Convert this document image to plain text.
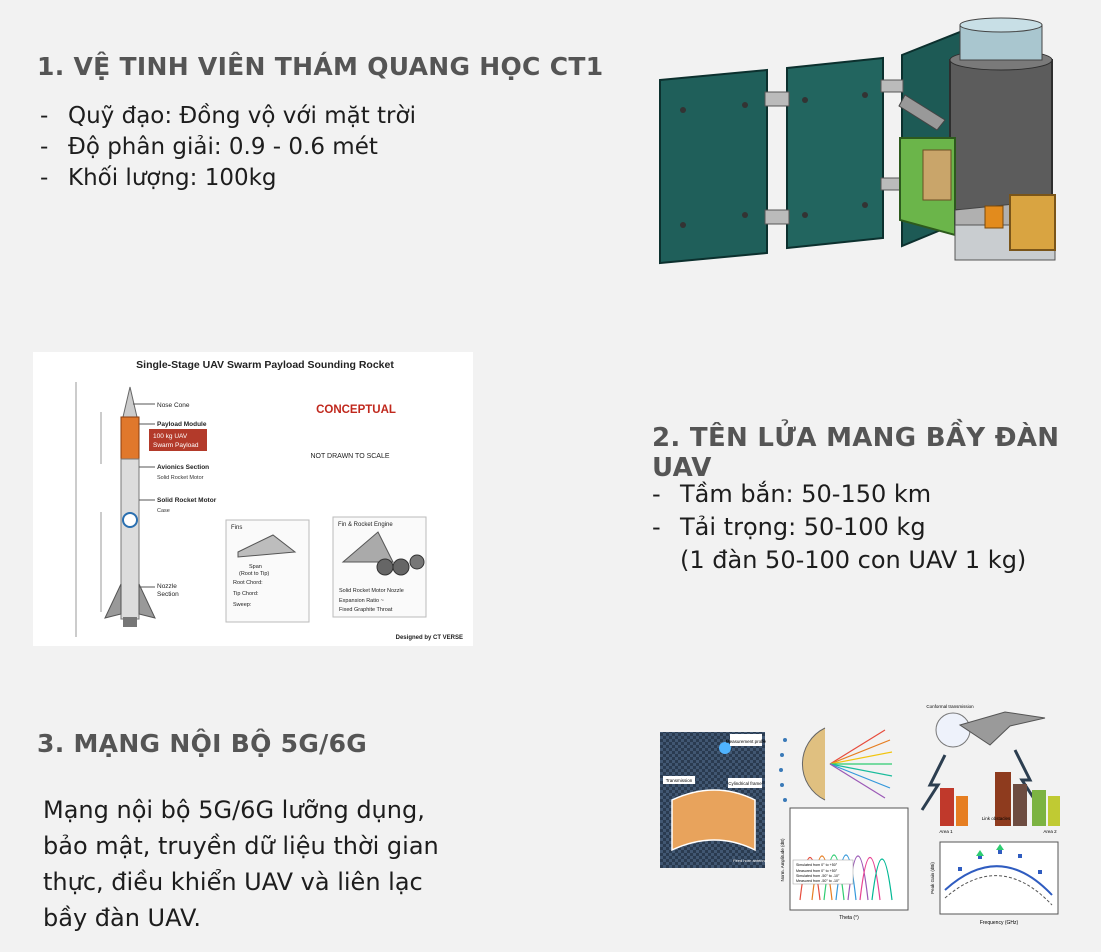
1. VỆ TINH VIÊN THÁM QUANG HỌC CT1
- Quỹ đạo: Đồng vộ với mặt trời
- Độ phân giải: 0.9 - 0.6 mét
- Khối lượng: 100kg
Single-Stage UAV Swarm Payload Sounding Rocket
Nose Cone
Payload Module
100 kg UAV
Swarm Payload
Avionics Section
Solid Rocket Motor
Solid Rocket Motor
Case
Nozzle
Section
CONCEPTUAL
NOT DRAWN TO SCALE
Fins
Span
(Root to Tip)
Root Chord:
Tip Chord:
Sweep:
Fin & Rocket Engine
Solid Rocket Motor Nozzle
Expansion Ratio ~
Fixed Graphite Throat
Designed by CT VERSE
2. TÊN LỬA MANG BẦY ĐÀN UAV
- Tầm bắn: 50-150 km
- Tải trọng: 50-100 kg
(1 đàn 50-100 con UAV 1 kg)
3. MẠNG NỘI BỘ 5G/6G
Mạng nội bộ 5G/6G lưỡng dụng,
bảo mật, truyền dữ liệu thời gian
thực, điều khiển UAV và liên lạc
bầy đàn UAV.
Measurement probe
Transmission
Cylindrical frame
Feed horn antenna
Simulated from 0° to +50°
Measured from 0° to +50°
Simulated from -50° to -10°
Measured from -50° to -10°
Theta (°)
Norm. Amplitude (dB)
Conformal transmission
Link obstacles
Area 1	Area 2
Frequency (GHz)
Peak Gain (dBi)
